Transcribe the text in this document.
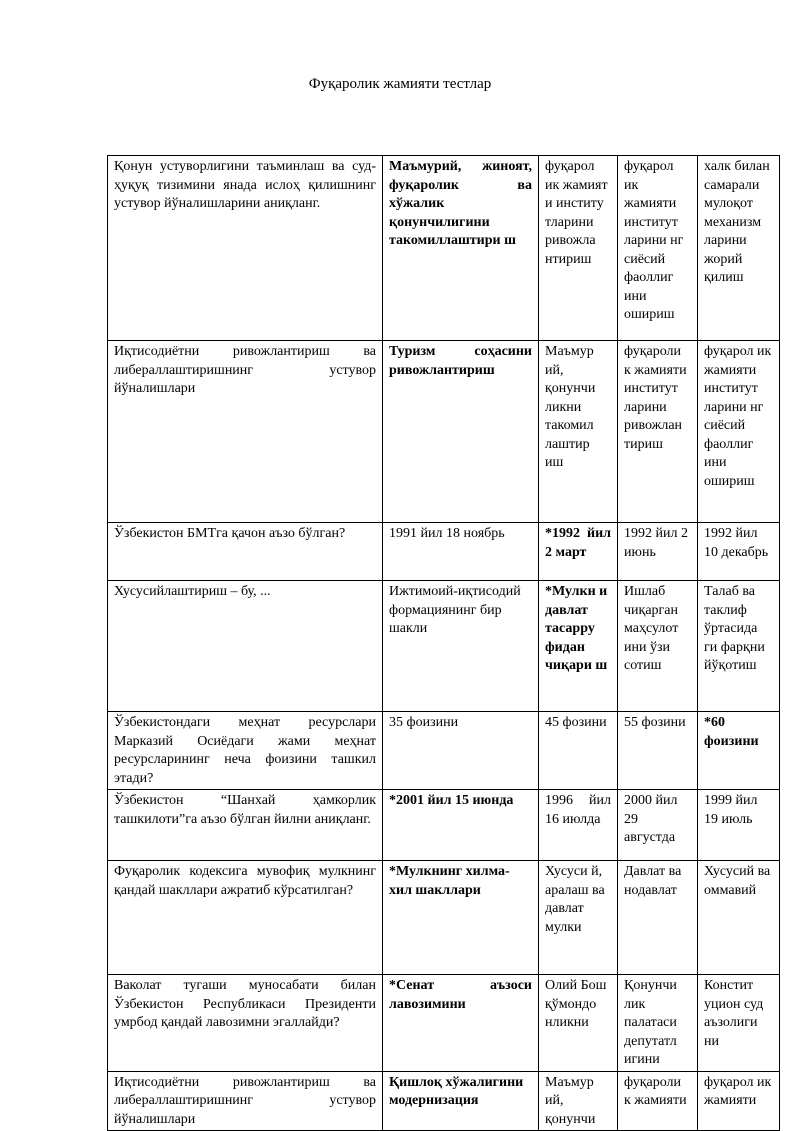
Фуқаролик жамияти тестлар
Қонун устуворлигини таъминлаш ва суд-ҳуқуқ тизимини янада ислоҳ қилишнинг устувор йўналишларини аниқланг.	Маъмурий, жиноят, фуқаролик ва хўжалик қонунчилигини такомиллаштири ш	фуқарол ик жамият и институ тларини ривожла нтириш	фуқарол ик жамияти институт ларини нг сиёсий фаоллиг ини ошириш	халк билан самарали мулоқот механизм ларини жорий қилиш
Иқтисодиётни ривожлантириш ва либераллаштиришнинг устувор йўналишлари	Туризм соҳасини ривожлантириш	Маъмур ий, қонунчи ликни такомил лаштир иш	фуқароли к жамияти институт ларини ривожлан тириш	фуқарол ик жамияти институт ларини нг сиёсий фаоллиг ини ошириш
Ўзбекистон БМТга қачон аъзо бўлган?	1991 йил 18 ноябрь	*1992 йил 2 март	1992 йил 2 июнь	1992 йил 10 декабрь
Хусусийлаштириш – бу, ...	Ижтимоий-иқтисодий формациянинг бир шакли	*Мулкн и давлат тасарру фидан чиқари ш	Ишлаб чиқарган маҳсулот ини ўзи сотиш	Талаб ва таклиф ўртасида ги фарқни йўқотиш
Ўзбекистондаги меҳнат ресурслари Марказий Осиёдаги жами меҳнат ресурсларининг неча фоизини ташкил этади?	35 фоизини	45 фозини	55 фозини	*60 фоизини
Ўзбекистон “Шанхай ҳамкорлик ташкилоти”га аъзо бўлган йилни аниқланг.	*2001 йил 15 июнда	1996 йил 16 июлда	2000 йил 29 августда	1999 йил 19 июль
Фуқаролик кодексига мувофиқ мулкнинг қандай шакллари ажратиб кўрсатилган?	*Мулкнинг хилма-хил шакллари	Хусуси й, аралаш ва давлат мулки	Давлат ва нодавлат	Хусусий ва оммавий
Ваколат тугаши муносабати билан Ўзбекистон Республикаси Президенти умрбод қандай лавозимни эгаллайди?	*Сенат аъзоси лавозимини	Олий Бош қўмондо нликни	Қонунчи лик палатаси депутатл игини	Констит уцион суд аъзолиги ни
Иқтисодиётни ривожлантириш ва либераллаштиришнинг устувор йўналишлари	Қишлоқ хўжалигини модернизация	Маъмур ий, қонунчи	фуқароли к жамияти	фуқарол ик жамияти
